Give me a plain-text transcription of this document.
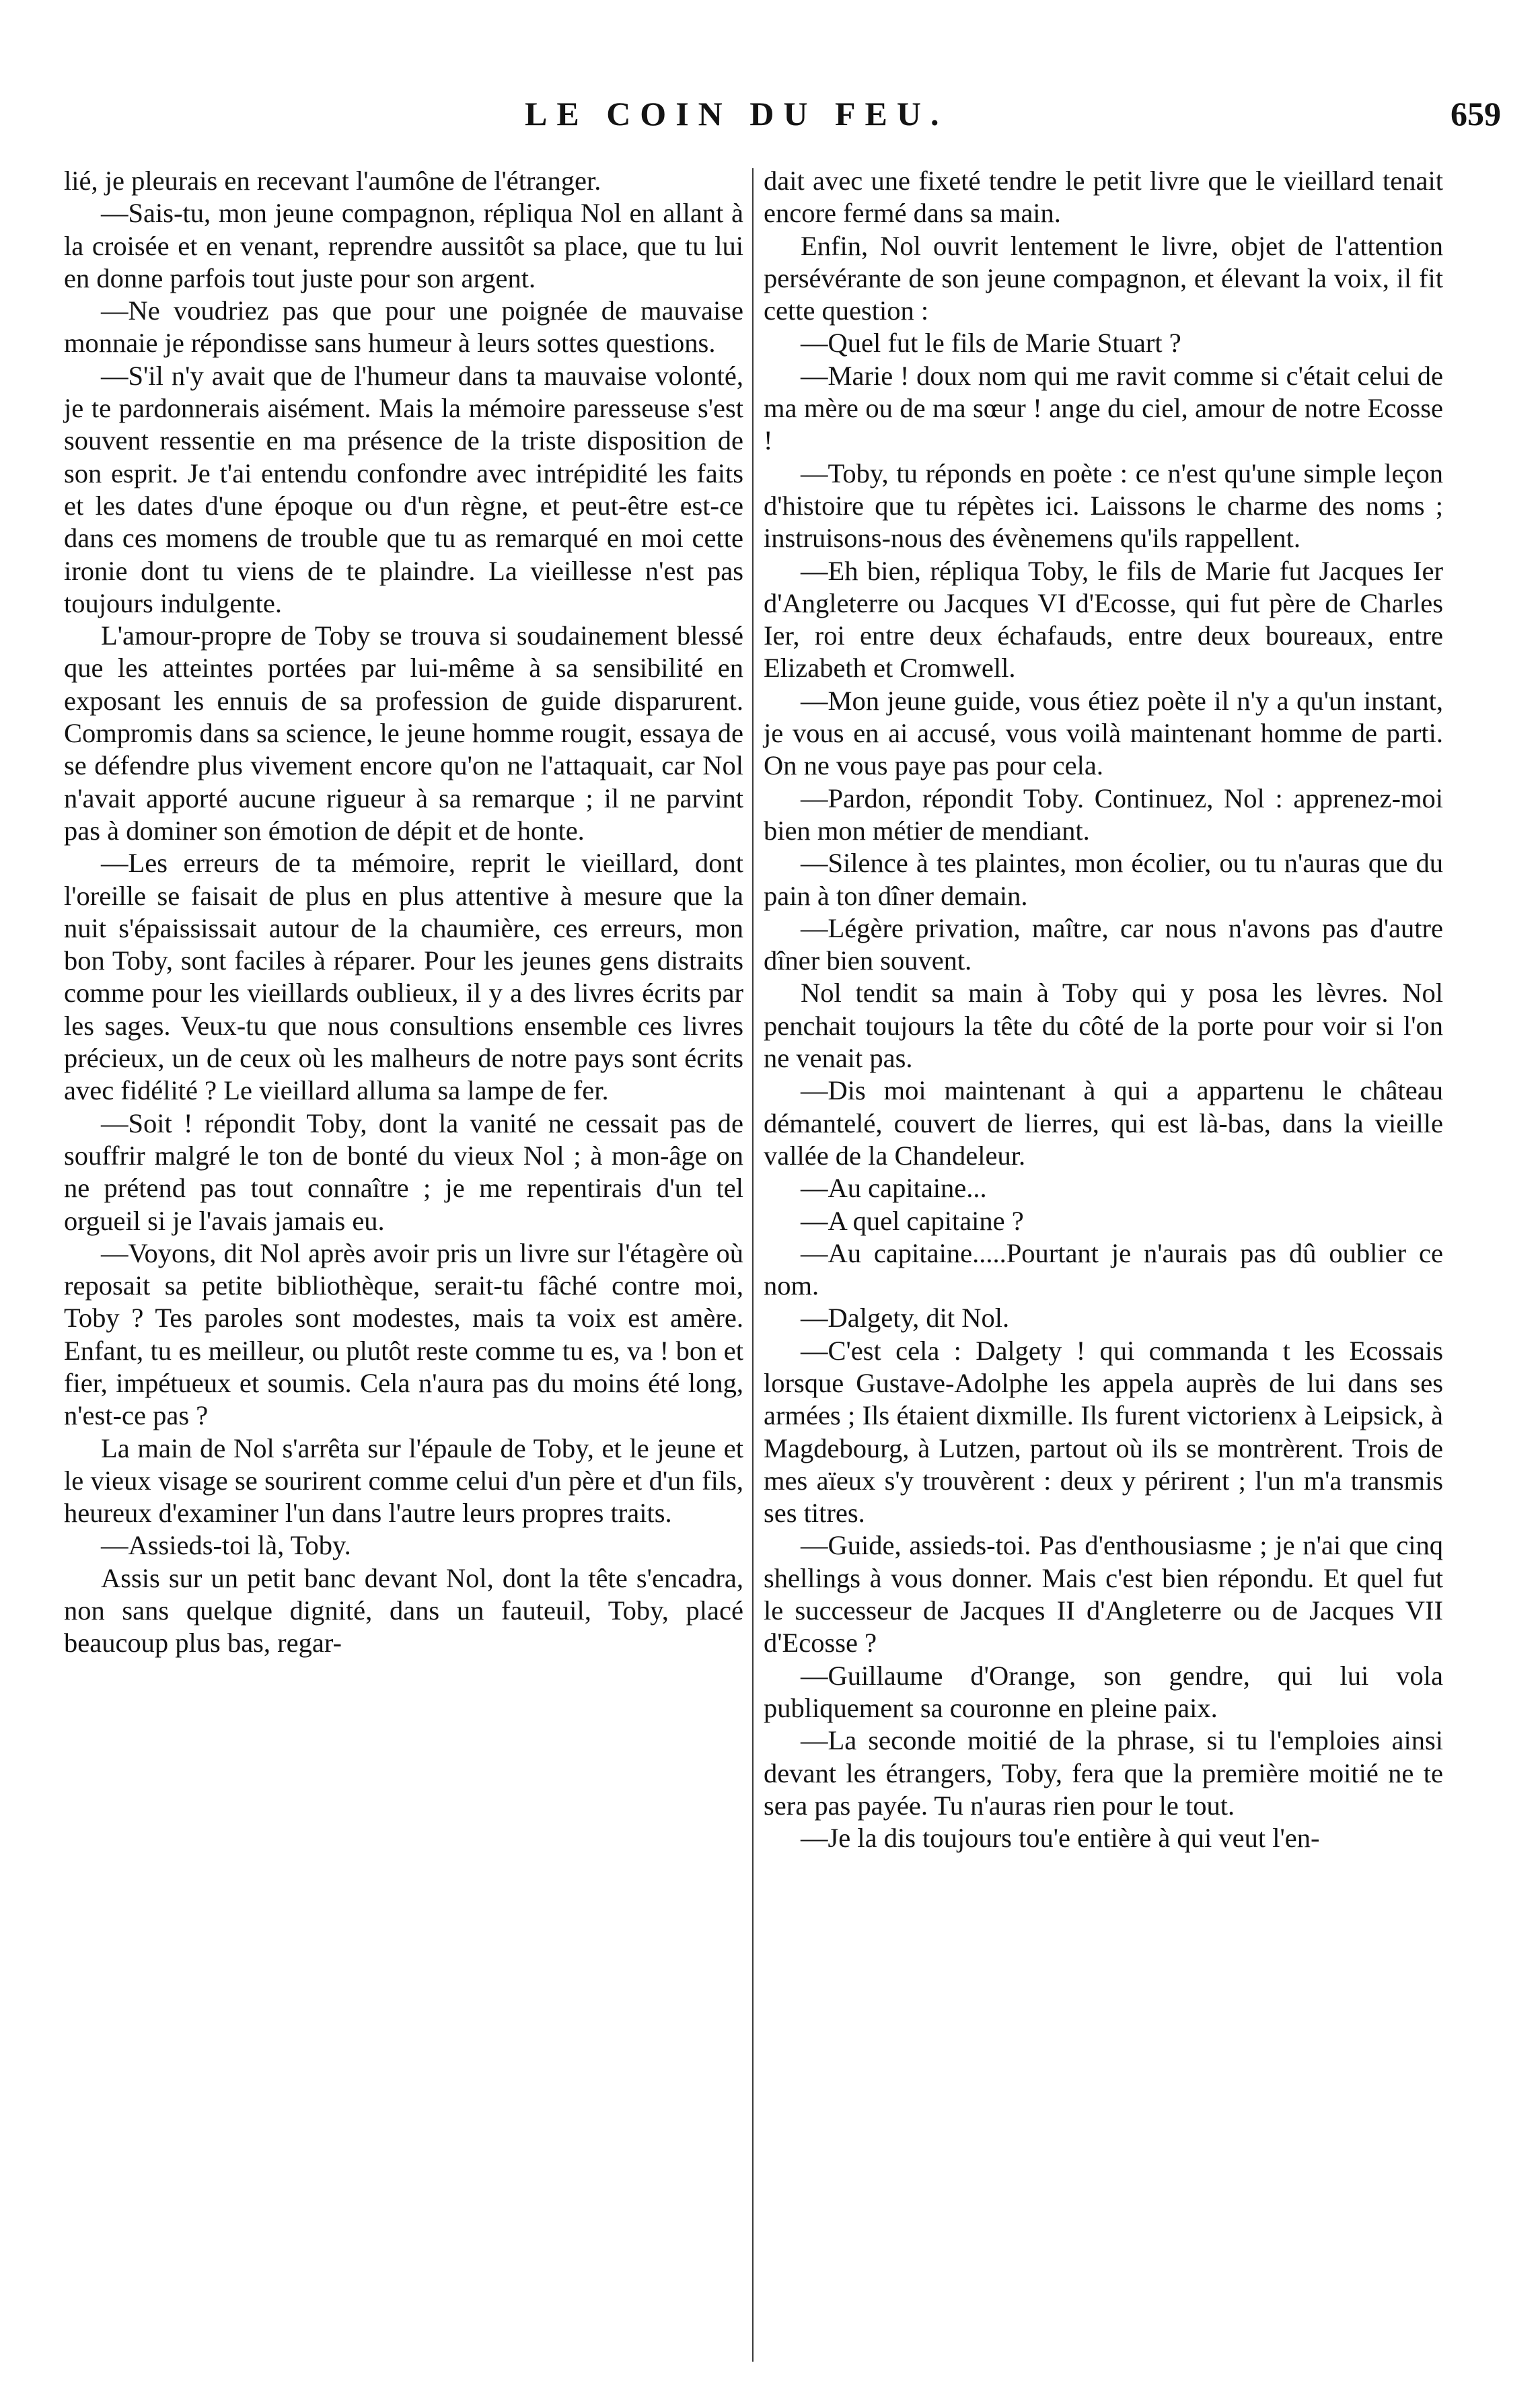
LE COIN DU FEU.	659

lié, je pleurais en recevant l'aumône de l'étranger.

—Sais-tu, mon jeune compagnon, répliqua Nol en allant à la croisée et en venant, reprendre aussitôt sa place, que tu lui en donne parfois tout juste pour son argent.

—Ne voudriez pas que pour une poignée de mauvaise monnaie je répondisse sans humeur à leurs sottes questions.

—S'il n'y avait que de l'humeur dans ta mauvaise volonté, je te pardonnerais aisément. Mais la mémoire paresseuse s'est souvent ressentie en ma présence de la triste disposition de son esprit. Je t'ai entendu confondre avec intrépidité les faits et les dates d'une époque ou d'un règne, et peut-être est-ce dans ces momens de trouble que tu as remarqué en moi cette ironie dont tu viens de te plaindre. La vieillesse n'est pas toujours indulgente.

L'amour-propre de Toby se trouva si soudainement blessé que les atteintes portées par lui-même à sa sensibilité en exposant les ennuis de sa profession de guide disparurent. Compromis dans sa science, le jeune homme rougit, essaya de se défendre plus vivement encore qu'on ne l'attaquait, car Nol n'avait apporté aucune rigueur à sa remarque ; il ne parvint pas à dominer son émotion de dépit et de honte.

—Les erreurs de ta mémoire, reprit le vieillard, dont l'oreille se faisait de plus en plus attentive à mesure que la nuit s'épaississait autour de la chaumière, ces erreurs, mon bon Toby, sont faciles à réparer. Pour les jeunes gens distraits comme pour les vieillards oublieux, il y a des livres écrits par les sages. Veux-tu que nous consultions ensemble ces livres précieux, un de ceux où les malheurs de notre pays sont écrits avec fidélité ? Le vieillard alluma sa lampe de fer.

—Soit ! répondit Toby, dont la vanité ne cessait pas de souffrir malgré le ton de bonté du vieux Nol ; à mon-âge on ne prétend pas tout connaître ; je me repentirais d'un tel orgueil si je l'avais jamais eu.

—Voyons, dit Nol après avoir pris un livre sur l'étagère où reposait sa petite bibliothèque, serait-tu fâché contre moi, Toby ? Tes paroles sont modestes, mais ta voix est amère. Enfant, tu es meilleur, ou plutôt reste comme tu es, va ! bon et fier, impétueux et soumis. Cela n'aura pas du moins été long, n'est-ce pas ?

La main de Nol s'arrêta sur l'épaule de Toby, et le jeune et le vieux visage se sourirent comme celui d'un père et d'un fils, heureux d'examiner l'un dans l'autre leurs propres traits.

—Assieds-toi là, Toby.

Assis sur un petit banc devant Nol, dont la tête s'encadra, non sans quelque dignité, dans un fauteuil, Toby, placé beaucoup plus bas, regar-

dait avec une fixeté tendre le petit livre que le vieillard tenait encore fermé dans sa main.

Enfin, Nol ouvrit lentement le livre, objet de l'attention persévérante de son jeune compagnon, et élevant la voix, il fit cette question :

—Quel fut le fils de Marie Stuart ?

—Marie ! doux nom qui me ravit comme si c'était celui de ma mère ou de ma sœur ! ange du ciel, amour de notre Ecosse !

—Toby, tu réponds en poète : ce n'est qu'une simple leçon d'histoire que tu répètes ici. Laissons le charme des noms ; instruisons-nous des évènemens qu'ils rappellent.

—Eh bien, répliqua Toby, le fils de Marie fut Jacques Ier d'Angleterre ou Jacques VI d'Ecosse, qui fut père de Charles Ier, roi entre deux échafauds, entre deux boureaux, entre Elizabeth et Cromwell.

—Mon jeune guide, vous étiez poète il n'y a qu'un instant, je vous en ai accusé, vous voilà maintenant homme de parti. On ne vous paye pas pour cela.

—Pardon, répondit Toby. Continuez, Nol : apprenez-moi bien mon métier de mendiant.

—Silence à tes plaintes, mon écolier, ou tu n'auras que du pain à ton dîner demain.

—Légère privation, maître, car nous n'avons pas d'autre dîner bien souvent.

Nol tendit sa main à Toby qui y posa les lèvres. Nol penchait toujours la tête du côté de la porte pour voir si l'on ne venait pas.

—Dis moi maintenant à qui a appartenu le château démantelé, couvert de lierres, qui est là-bas, dans la vieille vallée de la Chandeleur.

—Au capitaine...

—A quel capitaine ?

—Au capitaine.....Pourtant je n'aurais pas dû oublier ce nom.

—Dalgety, dit Nol.

—C'est cela : Dalgety ! qui commanda t les Ecossais lorsque Gustave-Adolphe les appela auprès de lui dans ses armées ; Ils étaient dixmille. Ils furent victorienx à Leipsick, à Magdebourg, à Lutzen, partout où ils se montrèrent. Trois de mes aïeux s'y trouvèrent : deux y périrent ; l'un m'a transmis ses titres.

—Guide, assieds-toi. Pas d'enthousiasme ; je n'ai que cinq shellings à vous donner. Mais c'est bien répondu. Et quel fut le successeur de Jacques II d'Angleterre ou de Jacques VII d'Ecosse ?

—Guillaume d'Orange, son gendre, qui lui vola publiquement sa couronne en pleine paix.

—La seconde moitié de la phrase, si tu l'emploies ainsi devant les étrangers, Toby, fera que la première moitié ne te sera pas payée. Tu n'auras rien pour le tout.

—Je la dis toujours tou'e entière à qui veut l'en-
